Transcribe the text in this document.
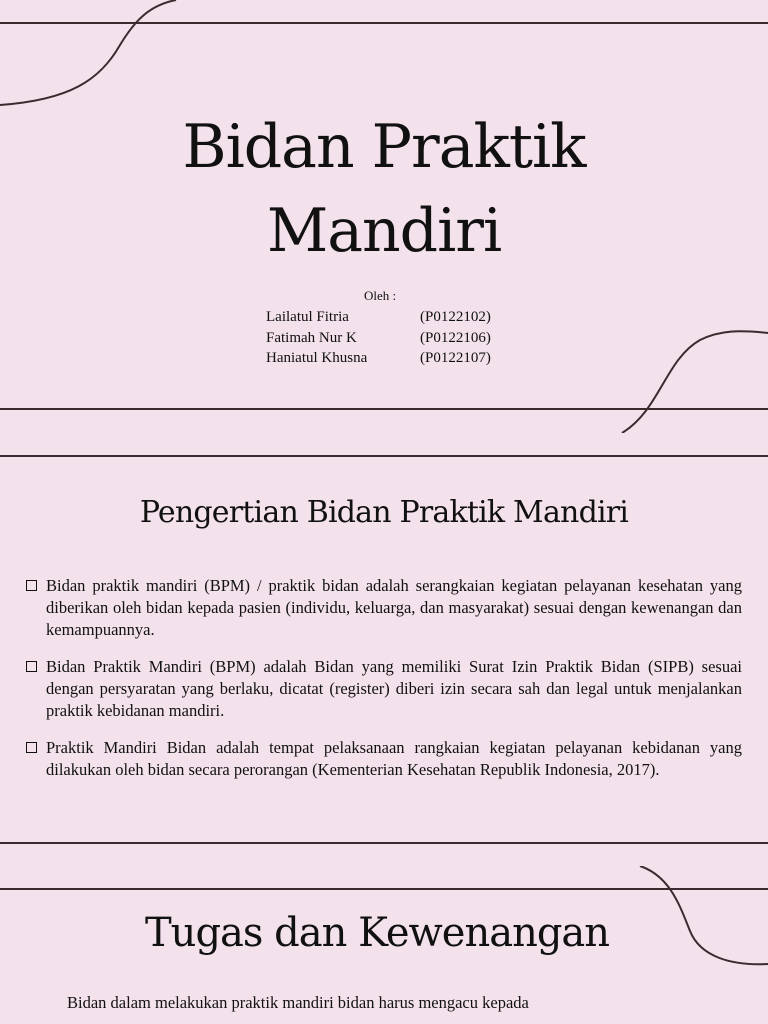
Bidan Praktik
Mandiri
Oleh :
Lailatul Fitria	(P0122102)
Fatimah Nur K	(P0122106)
Haniatul Khusna	(P0122107)
Pengertian Bidan Praktik Mandiri
Bidan praktik mandiri (BPM) / praktik bidan adalah serangkaian kegiatan pelayanan kesehatan yang diberikan oleh bidan kepada pasien (individu, keluarga, dan masyarakat) sesuai dengan kewenangan dan kemampuannya.
Bidan Praktik Mandiri (BPM) adalah Bidan yang memiliki Surat Izin Praktik Bidan (SIPB) sesuai dengan persyaratan yang berlaku, dicatat (register) diberi izin secara sah dan legal untuk menjalankan praktik kebidanan mandiri.
Praktik Mandiri Bidan adalah tempat pelaksanaan rangkaian kegiatan pelayanan kebidanan yang dilakukan oleh bidan secara perorangan (Kementerian Kesehatan Republik Indonesia, 2017).
Tugas dan Kewenangan
Bidan dalam melakukan praktik mandiri bidan harus mengacu kepada
